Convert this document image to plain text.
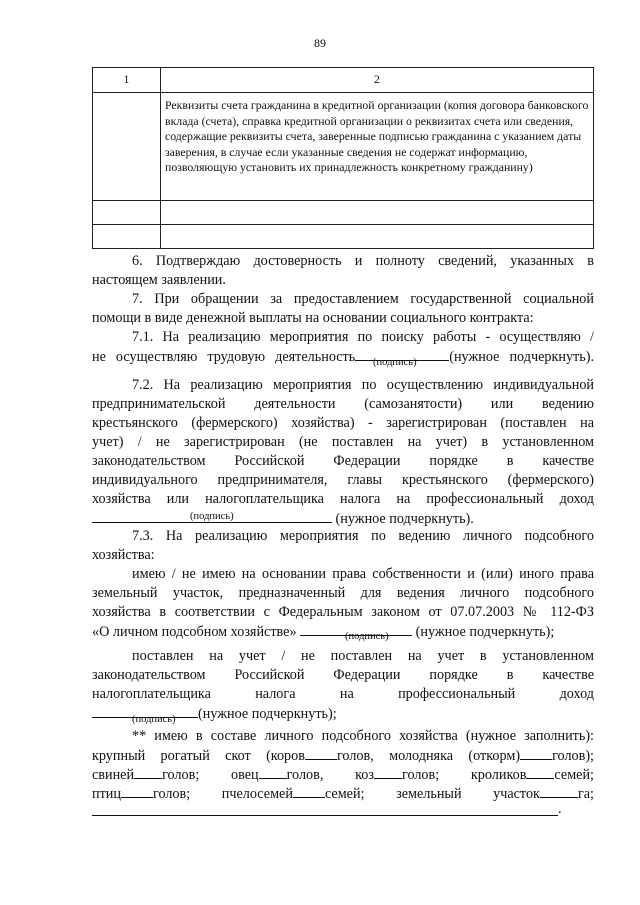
89
1	2
	Реквизиты счета гражданина в кредитной организации (копия договора банковского вклада (счета), справка кредитной организации о реквизитах счета или сведения, содержащие реквизиты счета, заверенные подписью гражданина с указанием даты заверения, в случае если указанные сведения не содержат информацию, позволяющую установить их принадлежность конкретному гражданину)

6. Подтверждаю достоверность и полноту сведений, указанных в
настоящем заявлении.
7. При обращении за предоставлением государственной социальной
помощи в виде денежной выплаты на основании социального контракта:
7.1. На реализацию мероприятия по поиску работы - осуществляю /
не осуществляю трудовую деятельность	(нужное подчеркнуть).
(подпись)
7.2. На реализацию мероприятия по осуществлению индивидуальной
предпринимательской деятельности (самозанятости) или ведению
крестьянского (фермерского) хозяйства) - зарегистрирован (поставлен на
учет) / не зарегистрирован (не поставлен на учет) в установленном
законодательством Российской Федерации порядке в качестве
индивидуального предпринимателя, главы крестьянского (фермерского)
хозяйства или налогоплательщика налога на профессиональный доход
(нужное подчеркнуть).
(подпись)
7.3. На реализацию мероприятия по ведению личного подсобного
хозяйства:
имею / не имею на основании права собственности и (или) иного права
земельный участок, предназначенный для ведения личного подсобного
хозяйства в соответствии с Федеральным законом от 07.07.2003 № 112-ФЗ
«О личном подсобном хозяйстве»	(нужное подчеркнуть);
(подпись)
поставлен на учет / не поставлен на учет в установленном
законодательством Российской Федерации порядке в качестве
налогоплательщика налога на профессиональный доход
(нужное подчеркнуть);
(подпись)
** имею в составе личного подсобного хозяйства (нужное заполнить):
крупный рогатый скот (коров голов, молодняка (откорм) голов);
свиней голов; овец голов, коз голов; кроликов семей;
птиц голов; пчелосемей семей; земельный участок	га;
.
